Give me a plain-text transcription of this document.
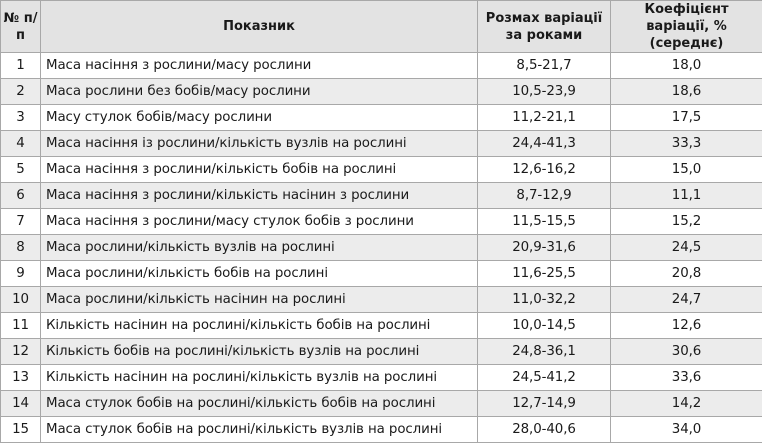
№ п/п	Показник	Розмах варіації за роками	Коефіцієнт варіації, % (середнє)
1	Маса насіння з рослини/масу рослини	8,5-21,7	18,0
2	Маса рослини без бобів/масу рослини	10,5-23,9	18,6
3	Масу стулок бобів/масу рослини	11,2-21,1	17,5
4	Маса насіння із рослини/кількість вузлів на рослині	24,4-41,3	33,3
5	Маса насіння з рослини/кількість бобів на рослині	12,6-16,2	15,0
6	Маса насіння з рослини/кількість насінин з рослини	8,7-12,9	11,1
7	Маса насіння з рослини/масу стулок бобів з рослини	11,5-15,5	15,2
8	Маса рослини/кількість вузлів на рослині	20,9-31,6	24,5
9	Маса рослини/кількість бобів на рослині	11,6-25,5	20,8
10	Маса рослини/кількість насінин на рослині	11,0-32,2	24,7
11	Кількість насінин на рослині/кількість бобів на рослині	10,0-14,5	12,6
12	Кількість бобів на рослині/кількість вузлів на рослині	24,8-36,1	30,6
13	Кількість насінин на рослині/кількість вузлів на рослині	24,5-41,2	33,6
14	Маса стулок бобів на рослині/кількість бобів на рослині	12,7-14,9	14,2
15	Маса стулок бобів на рослині/кількість вузлів на рослині	28,0-40,6	34,0
